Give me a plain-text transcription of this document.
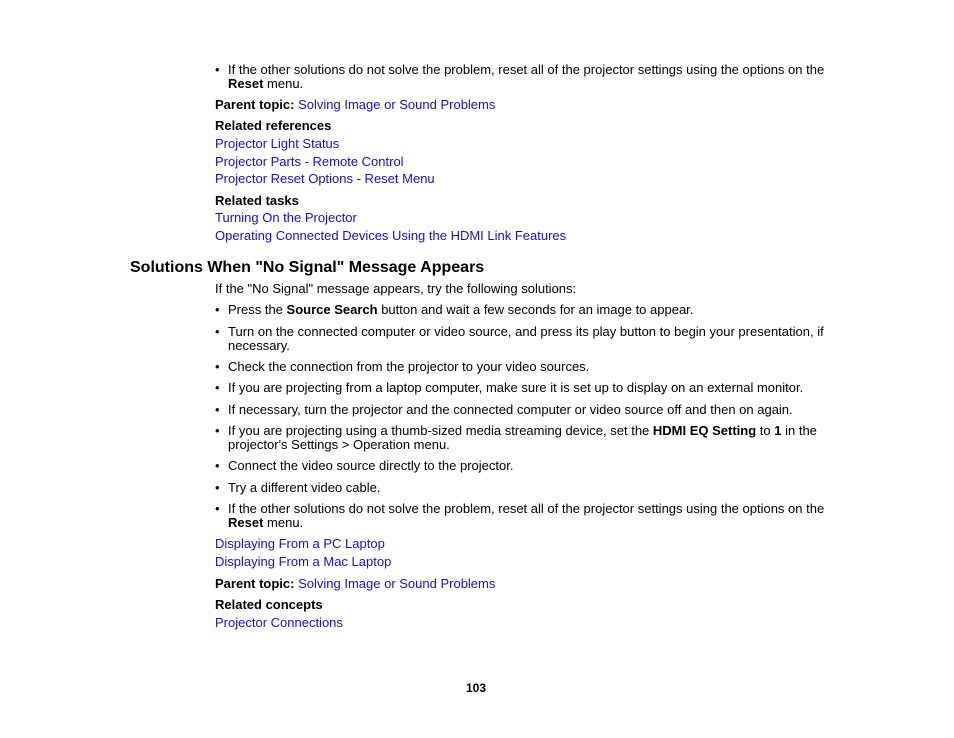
• If the other solutions do not solve the problem, reset all of the projector settings using the options on the Reset menu.
Parent topic: Solving Image or Sound Problems
Related references
Projector Light Status
Projector Parts - Remote Control
Projector Reset Options - Reset Menu
Related tasks
Turning On the Projector
Operating Connected Devices Using the HDMI Link Features
Solutions When "No Signal" Message Appears
If the "No Signal" message appears, try the following solutions:
• Press the Source Search button and wait a few seconds for an image to appear.
• Turn on the connected computer or video source, and press its play button to begin your presentation, if necessary.
• Check the connection from the projector to your video sources.
• If you are projecting from a laptop computer, make sure it is set up to display on an external monitor.
• If necessary, turn the projector and the connected computer or video source off and then on again.
• If you are projecting using a thumb-sized media streaming device, set the HDMI EQ Setting to 1 in the projector's Settings > Operation menu.
• Connect the video source directly to the projector.
• Try a different video cable.
• If the other solutions do not solve the problem, reset all of the projector settings using the options on the Reset menu.
Displaying From a PC Laptop
Displaying From a Mac Laptop
Parent topic: Solving Image or Sound Problems
Related concepts
Projector Connections
103
